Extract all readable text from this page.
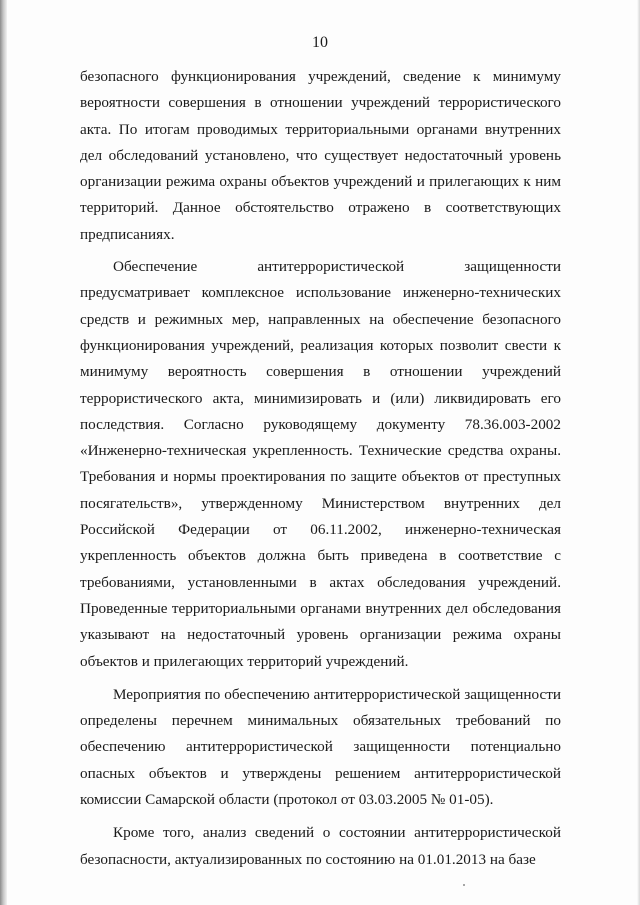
10

безопасного функционирования учреждений, сведение к минимуму вероятности совершения в отношении учреждений террористического акта. По итогам проводимых территориальными органами внутренних дел обследований установлено, что существует недостаточный уровень организации режима охраны объектов учреждений и прилегающих к ним территорий. Данное обстоятельство отражено в соответствующих предписаниях.

Обеспечение антитеррористической защищенности предусматривает комплексное использование инженерно-технических средств и режимных мер, направленных на обеспечение безопасного функционирования учреждений, реализация которых позволит свести к минимуму вероятность совершения в отношении учреждений террористического акта, минимизировать и (или) ликвидировать его последствия. Согласно руководящему документу 78.36.003-2002 «Инженерно-техническая укрепленность. Технические средства охраны. Требования и нормы проектирования по защите объектов от преступных посягательств», утвержденному Министерством внутренних дел Российской Федерации от 06.11.2002, инженерно-техническая укрепленность объектов должна быть приведена в соответствие с требованиями, установленными в актах обследования учреждений. Проведенные территориальными органами внутренних дел обследования указывают на недостаточный уровень организации режима охраны объектов и прилегающих территорий учреждений.

Мероприятия по обеспечению антитеррористической защищенности определены перечнем минимальных обязательных требований по обеспечению антитеррористической защищенности потенциально опасных объектов и утверждены решением антитеррористической комиссии Самарской области (протокол от 03.03.2005 № 01-05).

Кроме того, анализ сведений о состоянии антитеррористической безопасности, актуализированных по состоянию на 01.01.2013 на базе
